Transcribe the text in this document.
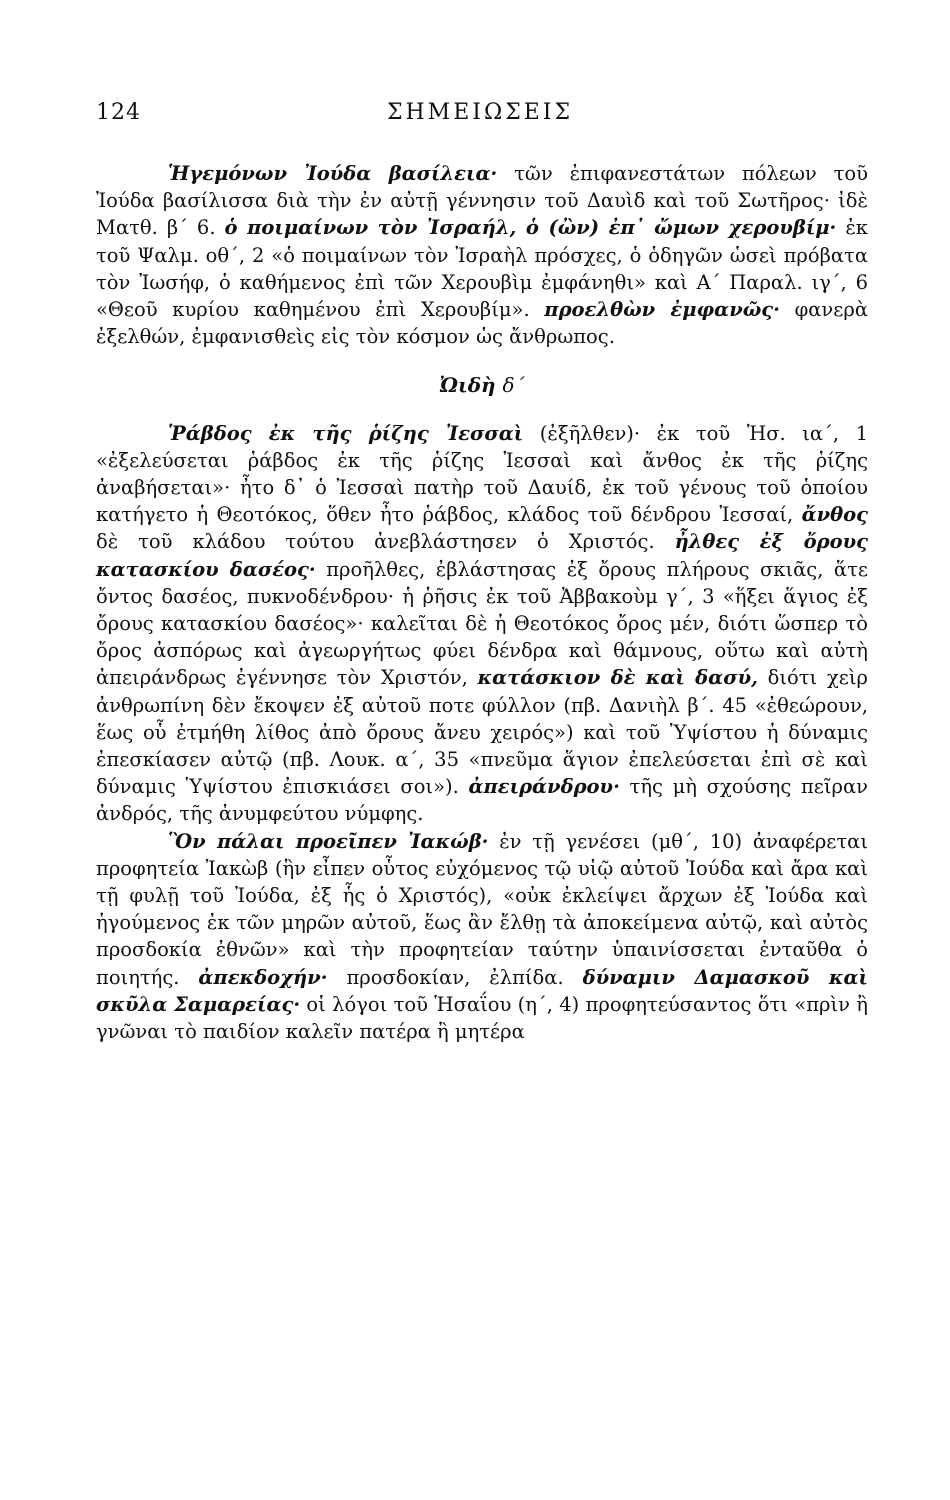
124	ΣΗΜΕΙΩΣΕΙΣ

Ἡγεμόνων Ἰούδα βασίλεια· τῶν ἐπιφανεστάτων πόλεων τοῦ Ἰούδα βασίλισσα διὰ τὴν ἐν αὐτῇ γέννησιν τοῦ Δαυὶδ καὶ τοῦ Σωτῆρος· ἰδὲ Ματθ. β΄ 6. ὁ ποιμαίνων τὸν Ἰσραήλ, ὁ (ὢν) ἐπ᾿ ὤμων χερουβίμ· ἐκ τοῦ Ψαλμ. οθ΄, 2 «ὁ ποιμαίνων τὸν Ἰσραὴλ πρόσχες, ὁ ὁδηγῶν ὡσεὶ πρόβατα τὸν Ἰωσήφ, ὁ καθήμενος ἐπὶ τῶν Χερουβὶμ ἐμφάνηθι» καὶ Α΄ Παραλ. ιγ΄, 6 «Θεοῦ κυρίου καθημένου ἐπὶ Χερουβίμ». προελθὼν ἐμφανῶς· φανερὰ ἐξελθών, ἐμφανισθεὶς εἰς τὸν κόσμον ὡς ἄνθρωπος.

Ὠιδὴ δ΄

Ῥάβδος ἐκ τῆς ῥίζης Ἰεσσαὶ (ἐξῆλθεν)· ἐκ τοῦ Ἡσ. ια΄, 1 «ἐξελεύσεται ῥάβδος ἐκ τῆς ῥίζης Ἰεσσαὶ καὶ ἄνθος ἐκ τῆς ῥίζης ἀναβήσεται»· ἦτο δ᾿ ὁ Ἰεσσαὶ πατὴρ τοῦ Δαυίδ, ἐκ τοῦ γένους τοῦ ὁποίου κατήγετο ἡ Θεοτόκος, ὅθεν ἦτο ῥάβδος, κλάδος τοῦ δένδρου Ἰεσσαί, ἄνθος δὲ τοῦ κλάδου τούτου ἀνεβλάστησεν ὁ Χριστός. ἦλθες ἐξ ὄρους κατασκίου δασέος· προῆλθες, ἐβλάστησας ἐξ ὄρους πλήρους σκιᾶς, ἅτε ὄντος δασέος, πυκνοδένδρου· ἡ ῥῆσις ἐκ τοῦ Ἀββακοὺμ γ΄, 3 «ἥξει ἅγιος ἐξ ὄρους κατασκίου δασέος»· καλεῖται δὲ ἡ Θεοτόκος ὄρος μέν, διότι ὥσπερ τὸ ὄρος ἀσπόρως καὶ ἀγεωργήτως φύει δένδρα καὶ θάμνους, οὕτω καὶ αὐτὴ ἀπειράνδρως ἐγέννησε τὸν Χριστόν, κατάσκιον δὲ καὶ δασύ, διότι χεὶρ ἀνθρωπίνη δὲν ἔκοψεν ἐξ αὐτοῦ ποτε φύλλον (πβ. Δανιὴλ β΄. 45 «ἐθεώρουν, ἕως οὗ ἐτμήθη λίθος ἀπὸ ὄρους ἄνευ χειρός») καὶ τοῦ Ὑψίστου ἡ δύναμις ἐπεσκίασεν αὐτῷ (πβ. Λουκ. α΄, 35 «πνεῦμα ἅγιον ἐπελεύσεται ἐπὶ σὲ καὶ δύναμις Ὑψίστου ἐπισκιάσει σοι»). ἀπειράνδρου· τῆς μὴ σχούσης πεῖραν ἀνδρός, τῆς ἀνυμφεύτου νύμφης.

Ὃν πάλαι προεῖπεν Ἰακώβ· ἐν τῇ γενέσει (μθ΄, 10) ἀναφέρεται προφητεία Ἰακὼβ (ἣν εἶπεν οὗτος εὐχόμενος τῷ υἱῷ αὐτοῦ Ἰούδα καὶ ἄρα καὶ τῇ φυλῇ τοῦ Ἰούδα, ἐξ ἧς ὁ Χριστός), «οὐκ ἐκλείψει ἄρχων ἐξ Ἰούδα καὶ ἡγούμενος ἐκ τῶν μηρῶν αὐτοῦ, ἕως ἂν ἔλθῃ τὰ ἀποκείμενα αὐτῷ, καὶ αὐτὸς προσδοκία ἐθνῶν» καὶ τὴν προφητείαν ταύτην ὑπαινίσσεται ἐνταῦθα ὁ ποιητής. ἀπεκδοχήν· προσδοκίαν, ἐλπίδα. δύναμιν Δαμασκοῦ καὶ σκῦλα Σαμαρείας· οἱ λόγοι τοῦ Ἡσαΐου (η΄, 4) προφητεύσαντος ὅτι «πρὶν ἢ γνῶναι τὸ παιδίον καλεῖν πατέρα ἢ μητέρα
